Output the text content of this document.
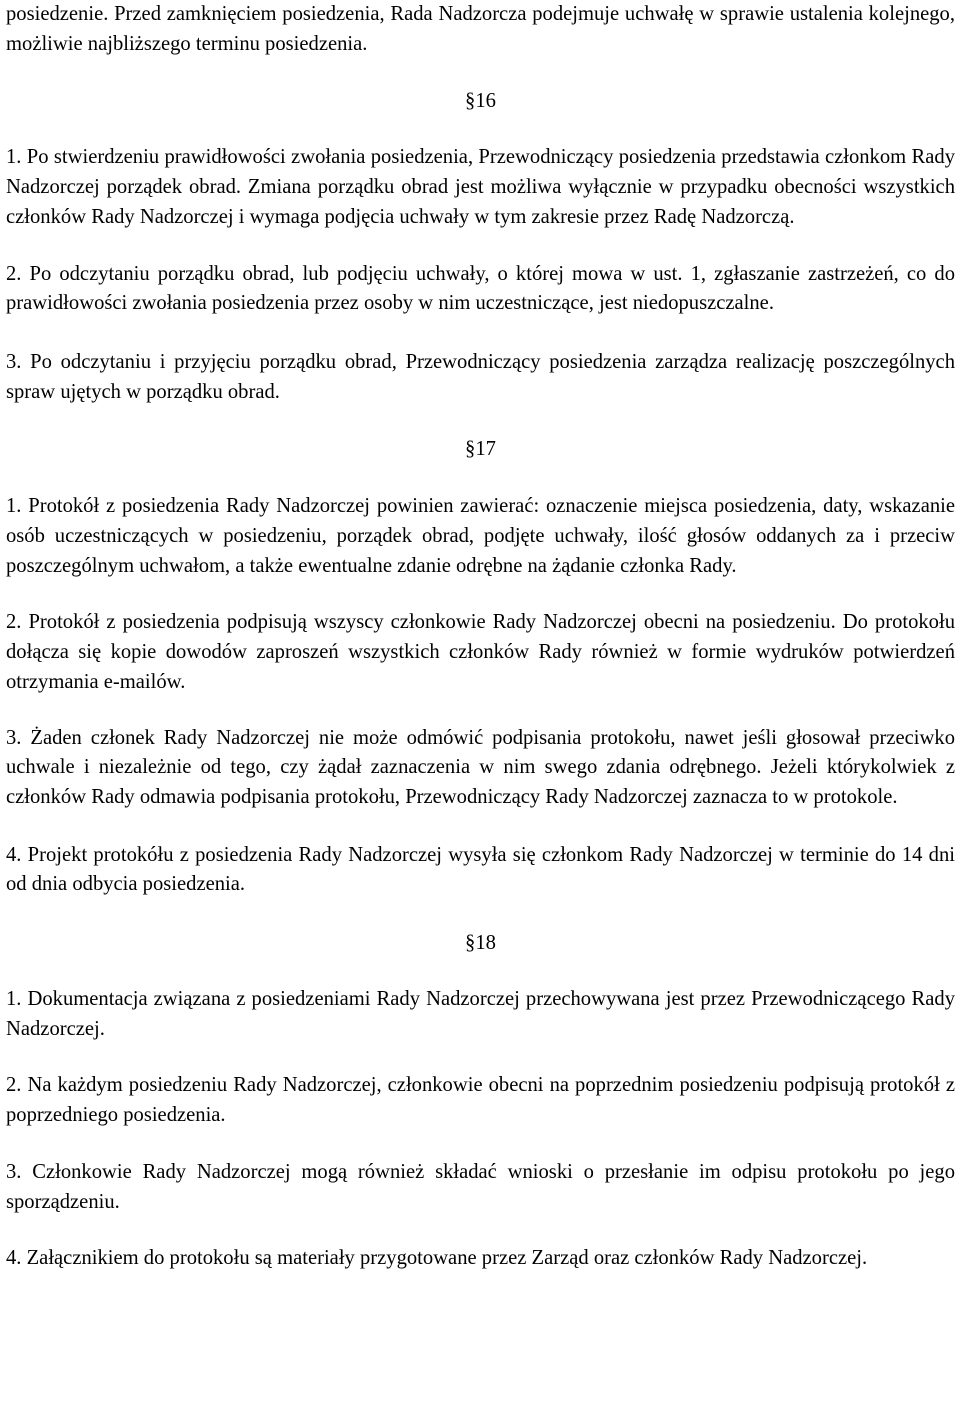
posiedzenie. Przed zamknięciem posiedzenia, Rada Nadzorcza podejmuje uchwałę w sprawie ustalenia kolejnego, możliwie najbliższego terminu posiedzenia.

§16

1. Po stwierdzeniu prawidłowości zwołania posiedzenia, Przewodniczący posiedzenia przedstawia członkom Rady Nadzorczej porządek obrad. Zmiana porządku obrad jest możliwa wyłącznie w przypadku obecności wszystkich członków Rady Nadzorczej i wymaga podjęcia uchwały w tym zakresie przez Radę Nadzorczą.

2. Po odczytaniu porządku obrad, lub podjęciu uchwały, o której mowa w ust. 1, zgłaszanie zastrzeżeń, co do prawidłowości zwołania posiedzenia przez osoby w nim uczestniczące, jest niedopuszczalne.

3. Po odczytaniu i przyjęciu porządku obrad, Przewodniczący posiedzenia zarządza realizację poszczególnych spraw ujętych w porządku obrad.

§17

1. Protokół z posiedzenia Rady Nadzorczej powinien zawierać: oznaczenie miejsca posiedzenia, daty, wskazanie osób uczestniczących w posiedzeniu, porządek obrad, podjęte uchwały, ilość głosów oddanych za i przeciw poszczególnym uchwałom, a także ewentualne zdanie odrębne na żądanie członka Rady.

2. Protokół z posiedzenia podpisują wszyscy członkowie Rady Nadzorczej obecni na posiedzeniu. Do protokołu dołącza się kopie dowodów zaproszeń wszystkich członków Rady również w formie wydruków potwierdzeń otrzymania e-mailów.

3. Żaden członek Rady Nadzorczej nie może odmówić podpisania protokołu, nawet jeśli głosował przeciwko uchwale i niezależnie od tego, czy żądał zaznaczenia w nim swego zdania odrębnego. Jeżeli którykolwiek z członków Rady odmawia podpisania protokołu, Przewodniczący Rady Nadzorczej zaznacza to w protokole.

4. Projekt protokółu z posiedzenia Rady Nadzorczej wysyła się członkom Rady Nadzorczej w terminie do 14 dni od dnia odbycia posiedzenia.

§18

1. Dokumentacja związana z posiedzeniami Rady Nadzorczej przechowywana jest przez Przewodniczącego Rady Nadzorczej.

2. Na każdym posiedzeniu Rady Nadzorczej, członkowie obecni na poprzednim posiedzeniu podpisują protokół z poprzedniego posiedzenia.

3. Członkowie Rady Nadzorczej mogą również składać wnioski o przesłanie im odpisu protokołu po jego sporządzeniu.

4. Załącznikiem do protokołu są materiały przygotowane przez Zarząd oraz członków Rady Nadzorczej.
